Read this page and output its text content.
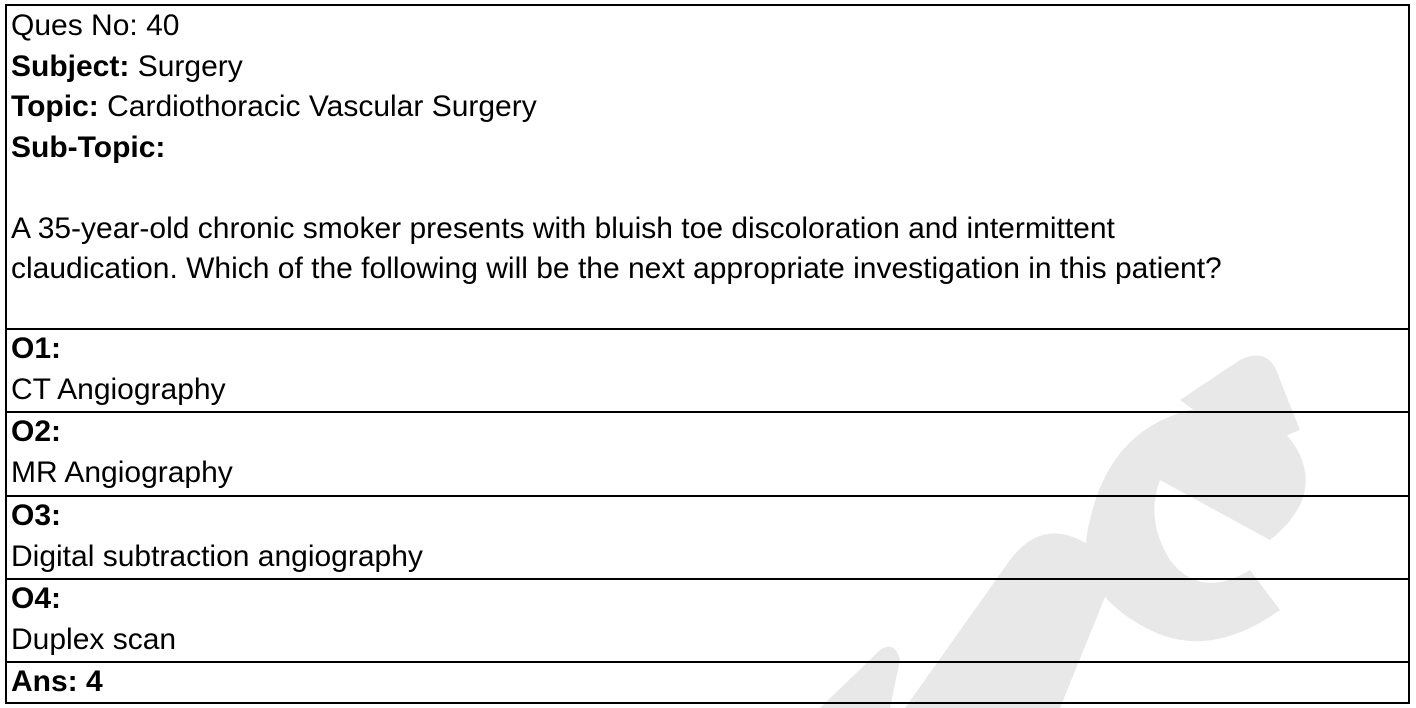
Ques No: 40
Subject: Surgery
Topic: Cardiothoracic Vascular Surgery
Sub-Topic:
A 35-year-old chronic smoker presents with bluish toe discoloration and intermittent
claudication. Which of the following will be the next appropriate investigation in this patient?
O1:
CT Angiography
O2:
MR Angiography
O3:
Digital subtraction angiography
O4:
Duplex scan
Ans: 4
